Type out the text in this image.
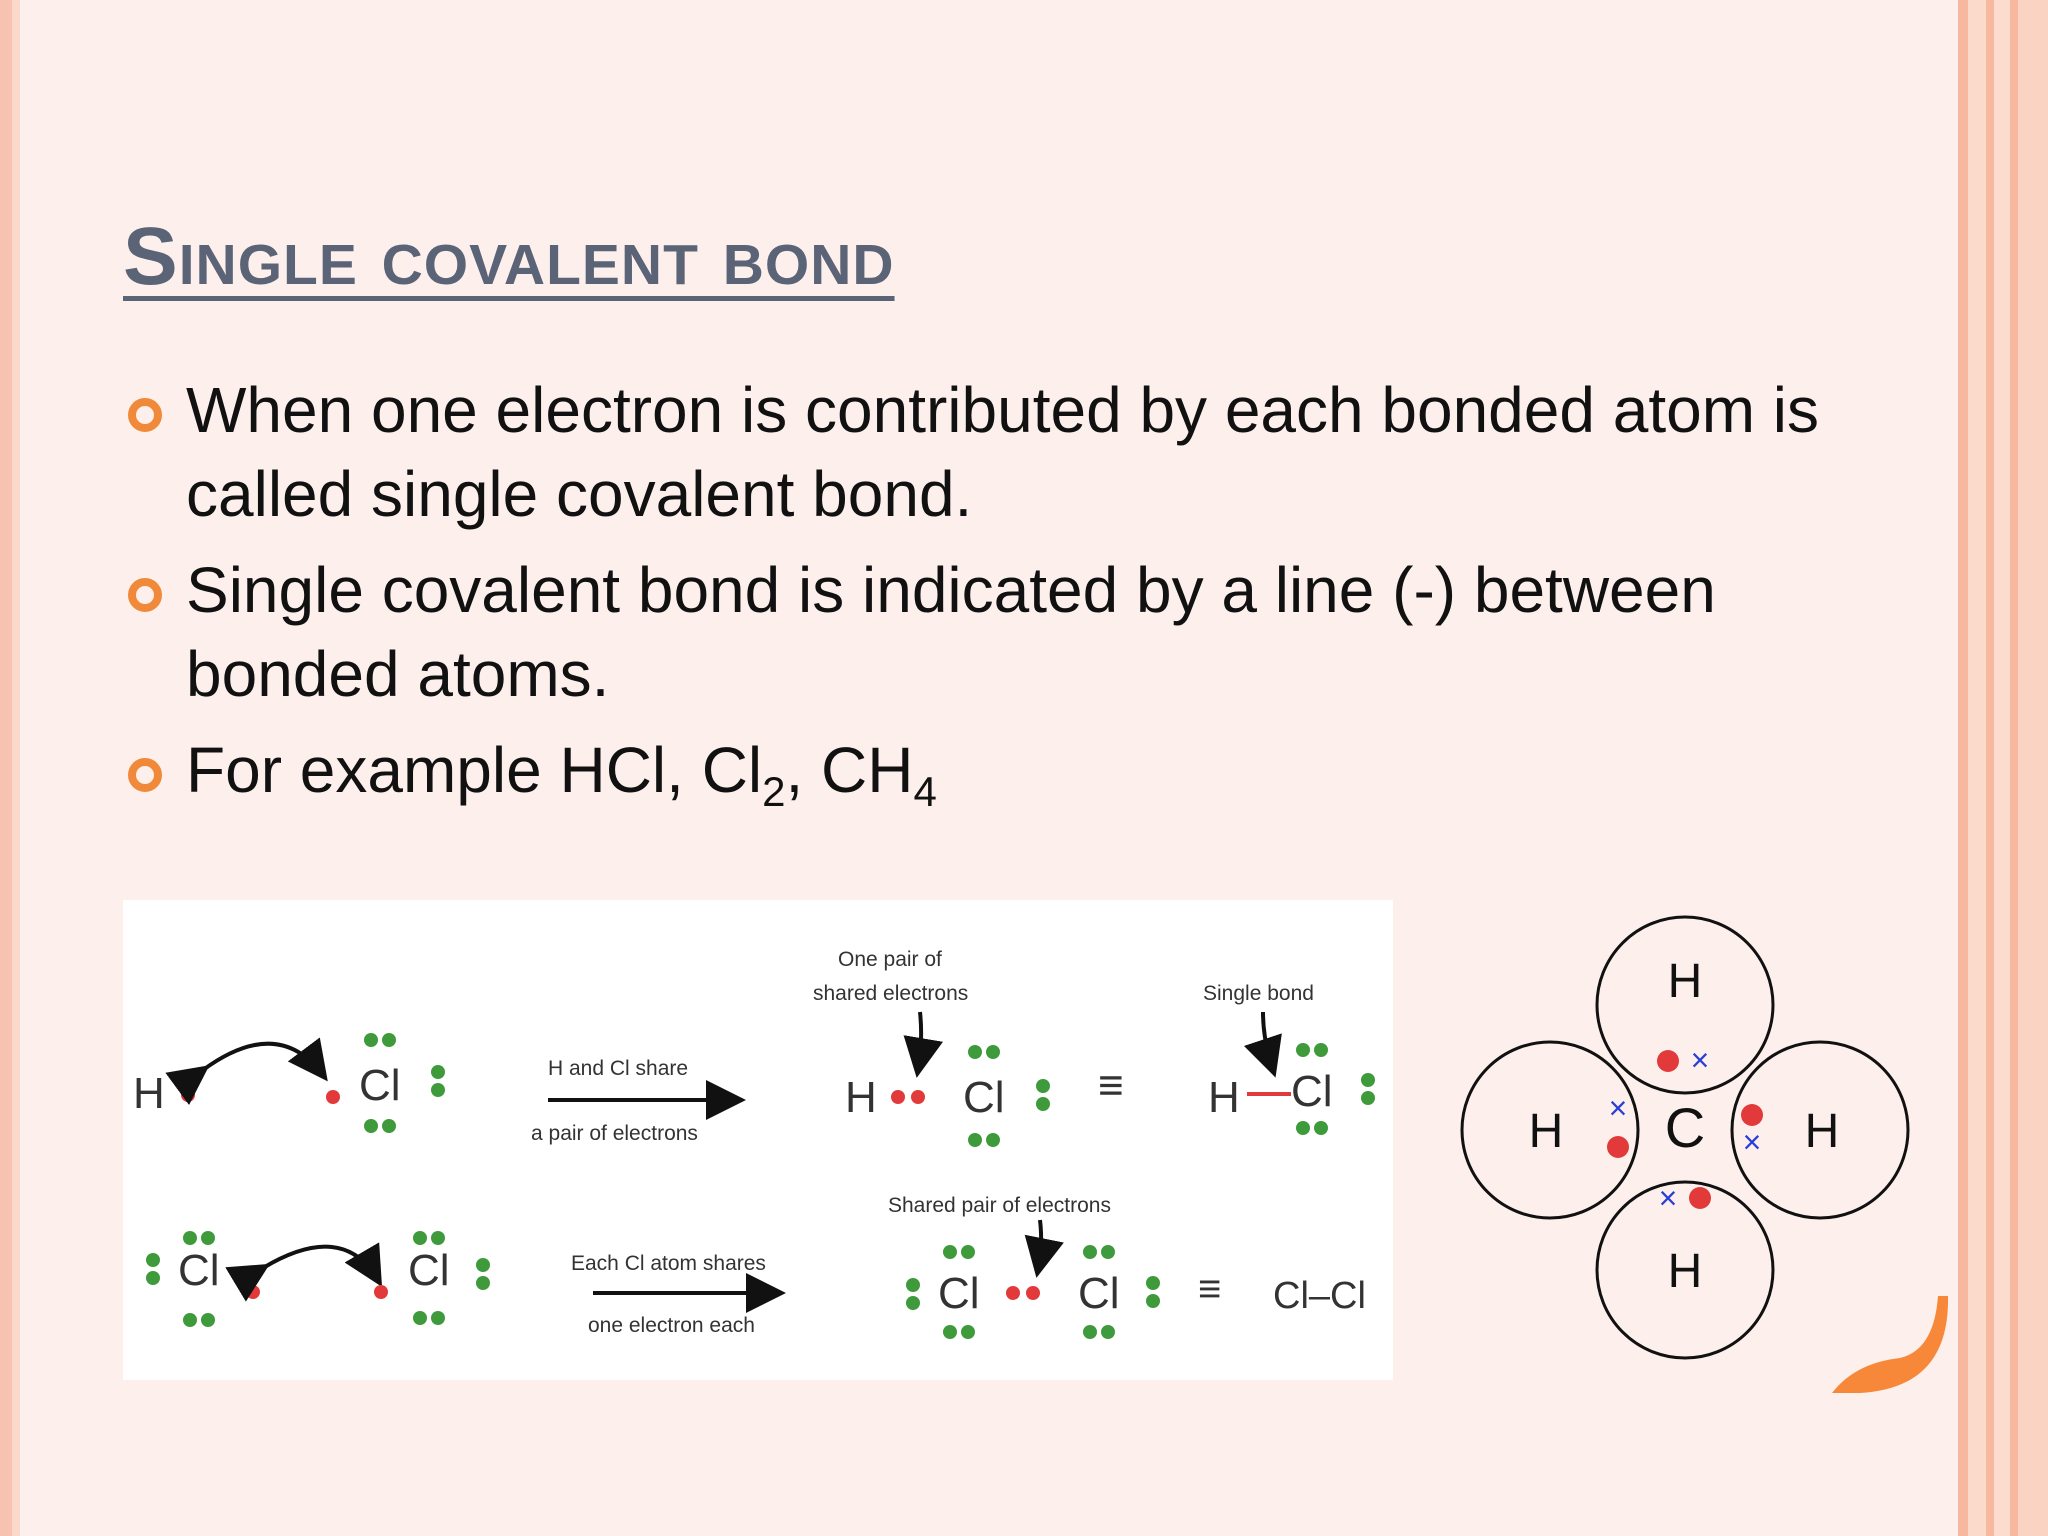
Single covalent bond
When one electron is contributed by each bonded atom is called single covalent bond.
Single covalent bond is indicated by a line (-) between bonded atoms.
For example HCl, $Cl_2$, $CH_4$
H	Cl	H and Cl share
a pair of electrons
One pair of
shared electrons
H Cl ≡
Single bond
H Cl
Cl	Cl	Each Cl atom shares
one electron each
Shared pair of electrons
Cl Cl ≡ Cl–Cl
H
H	H
H
C
×
×
×
×
